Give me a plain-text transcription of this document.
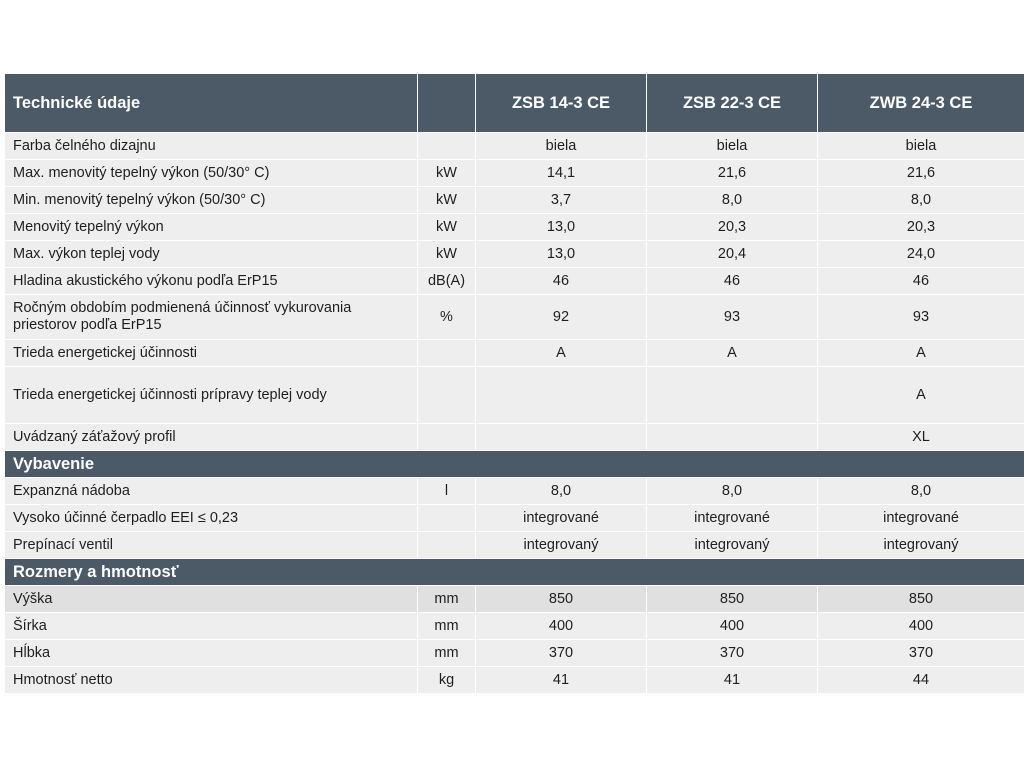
Technické údaje		ZSB 14-3 CE	ZSB 22-3 CE	ZWB 24-3 CE
Farba čelného dizajnu		biela	biela	biela
Max. menovitý tepelný výkon (50/30° C)	kW	14,1	21,6	21,6
Min. menovitý tepelný výkon (50/30° C)	kW	3,7	8,0	8,0
Menovitý tepelný výkon	kW	13,0	20,3	20,3
Max. výkon teplej vody	kW	13,0	20,4	24,0
Hladina akustického výkonu podľa ErP15	dB(A)	46	46	46
Ročným obdobím podmienená účinnosť vykurovania priestorov podľa ErP15	%	92	93	93
Trieda energetickej účinnosti		A	A	A
Trieda energetickej účinnosti prípravy teplej vody				A
Uvádzaný záťažový profil				XL
Vybavenie				
Expanzná nádoba	l	8,0	8,0	8,0
Vysoko účinné čerpadlo EEI ≤ 0,23		integrované	integrované	integrované
Prepínací ventil		integrovaný	integrovaný	integrovaný
Rozmery a hmotnosť				
Výška	mm	850	850	850
Šírka	mm	400	400	400
Hĺbka	mm	370	370	370
Hmotnosť netto	kg	41	41	44
